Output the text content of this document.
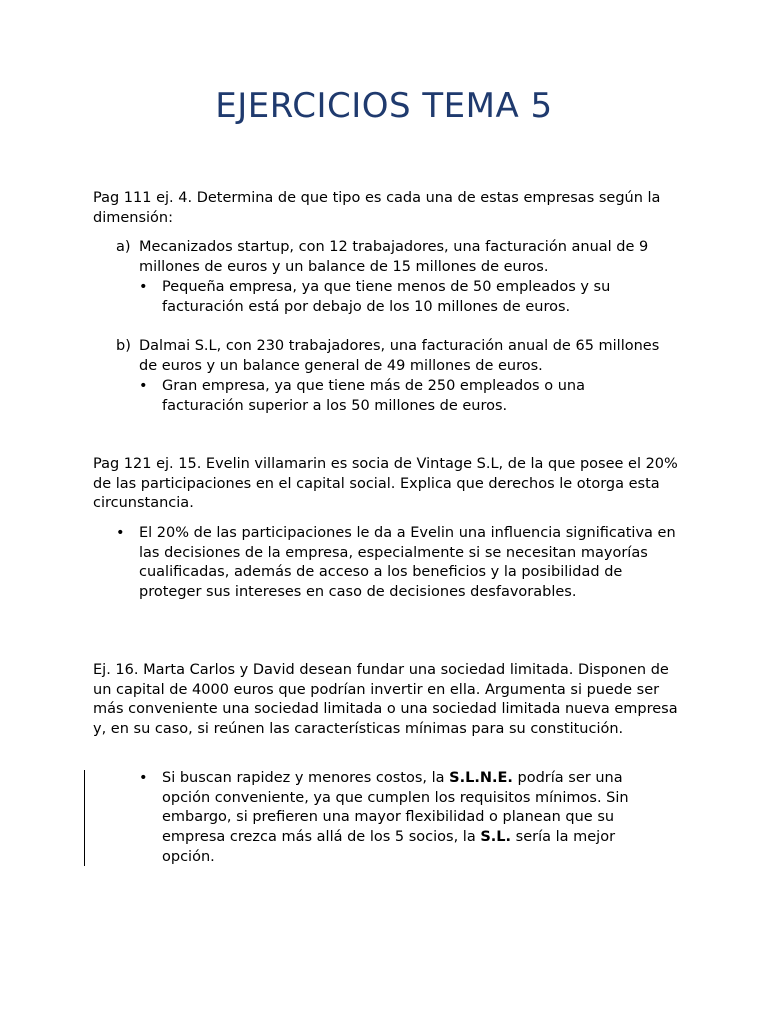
EJERCICIOS TEMA 5
Pag 111 ej. 4. Determina de que tipo es cada una de estas empresas según la dimensión:
a) Mecanizados startup, con 12 trabajadores, una facturación anual de 9 millones de euros y un balance de 15 millones de euros.
• Pequeña empresa, ya que tiene menos de 50 empleados y su facturación está por debajo de los 10 millones de euros.
b) Dalmai S.L, con 230 trabajadores, una facturación anual de 65 millones de euros y un balance general de 49 millones de euros.
• Gran empresa, ya que tiene más de 250 empleados o una facturación superior a los 50 millones de euros.
Pag 121 ej. 15. Evelin villamarin es socia de Vintage S.L, de la que posee el 20% de las participaciones en el capital social. Explica que derechos le otorga esta circunstancia.
• El 20% de las participaciones le da a Evelin una influencia significativa en las decisiones de la empresa, especialmente si se necesitan mayorías cualificadas, además de acceso a los beneficios y la posibilidad de proteger sus intereses en caso de decisiones desfavorables.
Ej. 16. Marta Carlos y David desean fundar una sociedad limitada. Disponen de un capital de 4000 euros que podrían invertir en ella. Argumenta si puede ser más conveniente una sociedad limitada o una sociedad limitada nueva empresa y, en su caso, si reúnen las características mínimas para su constitución.
• Si buscan rapidez y menores costos, la S.L.N.E. podría ser una opción conveniente, ya que cumplen los requisitos mínimos. Sin embargo, si prefieren una mayor flexibilidad o planean que su empresa crezca más allá de los 5 socios, la S.L. sería la mejor opción.
